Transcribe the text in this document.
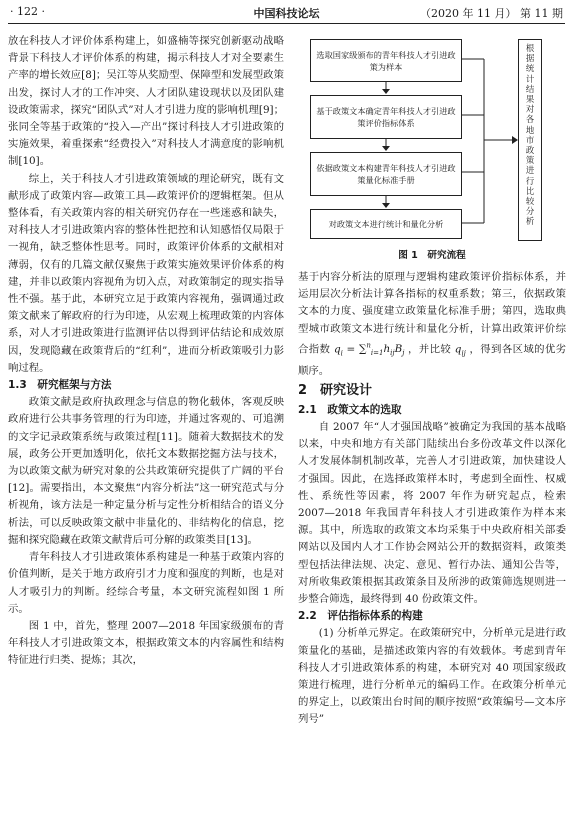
· 122 ·	中国科技论坛	（2020 年 11 月） 第 11 期

放在科技人才评价体系构建上，如盛楠等探究创新驱动战略背景下科技人才评价体系的构建，揭示科技人才对全要素生产率的增长效应[8]；吴江等从奖励型、保障型和发展型政策出发，探讨人才的工作冲突、人才团队建设现状以及团队建设政策需求，探究“团队式”对人才引进力度的影响机理[9]；张同全等基于政策的“投入—产出”探讨科技人才引进政策的实施效果，着重探索“经费投入”对科技人才满意度的影响机制[10]。

综上，关于科技人才引进政策领域的理论研究，既有文献形成了政策内容—政策工具—政策评价的逻辑框架。但从整体看，有关政策内容的相关研究仍存在一些迷惑和缺失，对科技人才引进政策内容的整体性把控和认知感悟仅局限于一视角，缺乏整体性思考。同时，政策评价体系的文献相对薄弱，仅有的几篇文献仅聚焦于政策实施效果评价体系的构建，并非以政策内容视角为切入点，对政策制定的现实指导性不强。基于此，本研究立足于政策内容视角，强调通过政策文献来了解政府的行为印迹，从宏观上梳理政策的内容体系，对人才引进政策进行监测评估以得到评估结论和成效原因，发现隐藏在政策背后的“红利”，进而分析政策吸引力影响过程。

1.3　研究框架与方法

政策文献是政府执政理念与信息的物化载体，客观反映政府进行公共事务管理的行为印迹，并通过客观的、可追溯的文字记录政策系统与政策过程[11]。随着大数据技术的发展，政务公开更加透明化，依托文本数据挖掘方法与技术，为以政策文献为研究对象的公共政策研究提供了广阔的平台[12]。需要指出，本文聚焦“内容分析法”这一研究范式与分析视角，该方法是一种定量分析与定性分析相结合的语义分析法，可以反映政策文献中非量化的、非结构化的信息，挖掘和探究隐藏在政策文献背后可分解的政策类目[13]。

青年科技人才引进政策体系构建是一种基于政策内容的价值判断，是关于地方政府引才力度和强度的判断，也是对人才吸引力的判断。经综合考量，本文研究流程如图 1 所示。

图 1 中，首先，整理 2007—2018 年国家级颁布的青年科技人才引进政策文本，根据政策文本的内容属性和结构特征进行归类、提炼；其次，

选取国家级颁布的青年科技人才引进政策为样本
基于政策文本确定青年科技人才引进政策评价指标体系
依据政策文本构建青年科技人才引进政策量化标准手册
对政策文本进行统计和量化分析
根
据
统
计
结
果
对
各
地
市
政
策
进
行
比
较
分
析
图 1　研究流程

基于内容分析法的原理与逻辑构建政策评价指标体系，并运用层次分析法计算各指标的权重系数；第三，依据政策文本的力度、强度建立政策量化标准手册；第四，选取典型城市政策文本进行统计和量化分析，计算出政策评价综合指数 $q_i = \sum^n_{i=1}h_{ij}B_j$ ，并比较 $q_{ij}$ ，得到各区域的优劣顺序。

2　研究设计
2.1　政策文本的选取

自 2007 年“人才强国战略”被确定为我国的基本战略以来，中央和地方有关部门陆续出台多份改革文件以深化人才发展体制机制改革，完善人才引进政策，加快建设人才强国。因此，在选择政策样本时，考虑到全面性、权威性、系统性等因素，将 2007 年作为研究起点，检索 2007—2018 年我国青年科技人才引进政策作为样本来源。其中，所选取的政策文本均采集于中央政府相关部委网站以及国内人才工作协会网站公开的数据资料，政策类型包括法律法规、决定、意见、暂行办法、通知公告等，对所收集政策根据其政策条目及所涉的政策筛选规则进一步整合筛选，最终得到 40 份政策文件。

2.2　评估指标体系的构建

(1) 分析单元界定。在政策研究中，分析单元是进行政策量化的基础，是描述政策内容的有效载体。考虑到青年科技人才引进政策体系的构建，本研究对 40 项国家级政策进行梳理，进行分析单元的编码工作。在政策分析单元的界定上，以政策出台时间的顺序按照“政策编号—文本序列号”
